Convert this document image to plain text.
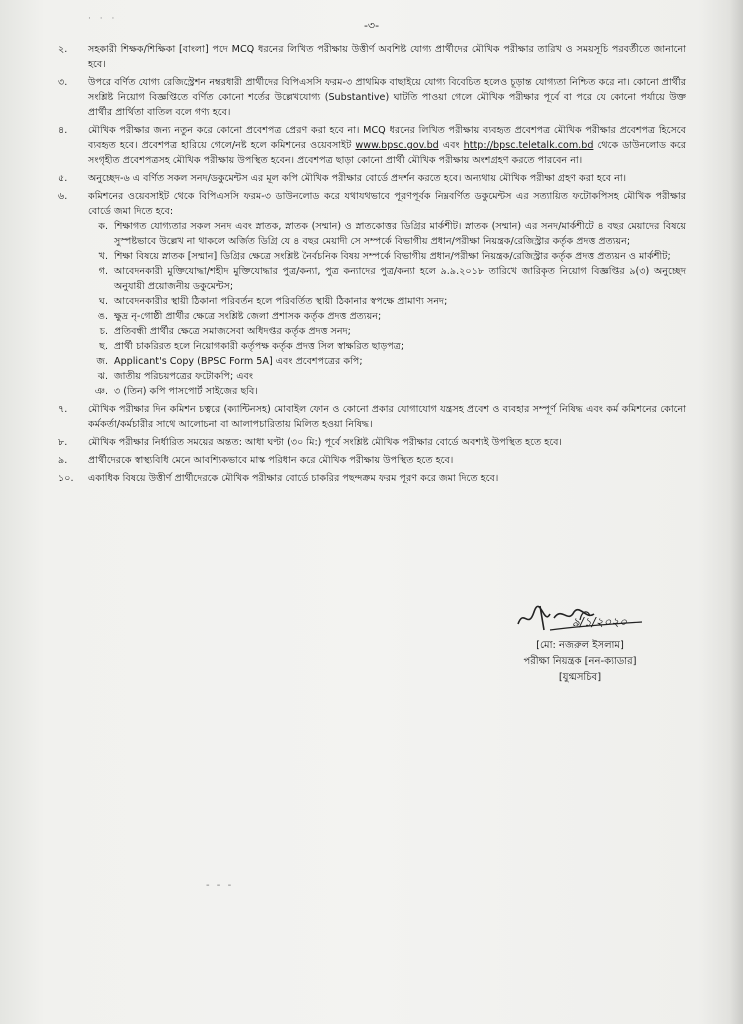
· · ·	-৩-
২.	সহকারী শিক্ষক/শিক্ষিকা [বাংলা] পদে MCQ ধরনের লিখিত পরীক্ষায় উত্তীর্ণ অবশিষ্ট যোগ্য প্রার্থীদের মৌখিক পরীক্ষার তারিখ ও সময়সূচি পরবর্তীতে জানানো হবে।
৩.	উপরে বর্ণিত যোগ্য রেজিস্ট্রেশন নম্বরধারী প্রার্থীদের বিপিএসসি ফরম-৩ প্রাথমিক বাছাইয়ে যোগ্য বিবেচিত হলেও চূড়ান্ত যোগ্যতা নিশ্চিত করে না। কোনো প্রার্থীর সংশ্লিষ্ট নিয়োগ বিজ্ঞপ্তিতে বর্ণিত কোনো শর্তের উল্লেখযোগ্য (Substantive) ঘাটতি পাওয়া গেলে মৌখিক পরীক্ষার পূর্বে বা পরে যে কোনো পর্যায়ে উক্ত প্রার্থীর প্রার্থিতা বাতিল বলে গণ্য হবে।
৪.	মৌখিক পরীক্ষার জন্য নতুন করে কোনো প্রবেশপত্র প্রেরণ করা হবে না। MCQ ধরনের লিখিত পরীক্ষায় ব্যবহৃত প্রবেশপত্র মৌখিক পরীক্ষার প্রবেশপত্র হিসেবে ব্যবহৃত হবে। প্রবেশপত্র হারিয়ে গেলে/নষ্ট হলে কমিশনের ওয়েবসাইট www.bpsc.gov.bd এবং http://bpsc.teletalk.com.bd থেকে ডাউনলোড করে সংগৃহীত প্রবেশপত্রসহ মৌখিক পরীক্ষায় উপস্থিত হবেন। প্রবেশপত্র ছাড়া কোনো প্রার্থী মৌখিক পরীক্ষায় অংশগ্রহণ করতে পারবেন না।
৫.	অনুচ্ছেদ-৬ এ বর্ণিত সকল সনদ/ডকুমেন্টস এর মূল কপি মৌখিক পরীক্ষার বোর্ডে প্রদর্শন করতে হবে। অন্যথায় মৌখিক পরীক্ষা গ্রহণ করা হবে না।
৬.	কমিশনের ওয়েবসাইট থেকে বিপিএসসি ফরম-৩ ডাউনলোড করে যথাযথভাবে পূরণপূর্বক নিম্নবর্ণিত ডকুমেন্টস এর সত্যায়িত ফটোকপিসহ মৌখিক পরীক্ষার বোর্ডে জমা দিতে হবে:
ক. শিক্ষাগত যোগ্যতার সকল সনদ এবং স্নাতক, স্নাতক (সম্মান) ও স্নাতকোত্তর ডিগ্রির মার্কশীট। স্নাতক (সম্মান) এর সনদ/মার্কশীটে ৪ বছর মেয়াদের বিষয়ে সুস্পষ্টভাবে উল্লেখ না থাকলে অর্জিত ডিগ্রি যে ৪ বছর মেয়াদী সে সম্পর্কে বিভাগীয় প্রধান/পরীক্ষা নিয়ন্ত্রক/রেজিস্ট্রার কর্তৃক প্রদত্ত প্রত্যয়ন;
খ. শিক্ষা বিষয়ে স্নাতক [সম্মান] ডিগ্রির ক্ষেত্রে সংশ্লিষ্ট নৈর্বচনিক বিষয় সম্পর্কে বিভাগীয় প্রধান/পরীক্ষা নিয়ন্ত্রক/রেজিস্ট্রার কর্তৃক প্রদত্ত প্রত্যয়ন ও মার্কশীট;
গ. আবেদনকারী মুক্তিযোদ্ধা/শহীদ মুক্তিযোদ্ধার পুত্র/কন্যা, পুত্র কন্যাদের পুত্র/কন্যা হলে ৯.৯.২০১৮ তারিখে জারিকৃত নিয়োগ বিজ্ঞপ্তির ৯(৩) অনুচ্ছেদ অনুযায়ী প্রয়োজনীয় ডকুমেন্টস;
ঘ. আবেদনকারীর স্থায়ী ঠিকানা পরিবর্তন হলে পরিবর্তিত স্থায়ী ঠিকানার স্বপক্ষে প্রামাণ্য সনদ;
ঙ. ক্ষুদ্র নৃ-গোষ্ঠী প্রার্থীর ক্ষেত্রে সংশ্লিষ্ট জেলা প্রশাসক কর্তৃক প্রদত্ত প্রত্যয়ন;
চ. প্রতিবন্ধী প্রার্থীর ক্ষেত্রে সমাজসেবা অধিদপ্তর কর্তৃক প্রদত্ত সনদ;
ছ. প্রার্থী চাকরিরত হলে নিয়োগকারী কর্তৃপক্ষ কর্তৃক প্রদত্ত সিল স্বাক্ষরিত ছাড়পত্র;
জ. Applicant's Copy (BPSC Form 5A] এবং প্রবেশপত্রের কপি;
ঝ. জাতীয় পরিচয়পত্রের ফটোকপি; এবং
ঞ. ৩ (তিন) কপি পাসপোর্ট সাইজের ছবি।
৭.	মৌখিক পরীক্ষার দিন কমিশন চত্বরে (ক্যান্টিনসহ) মোবাইল ফোন ও কোনো প্রকার যোগাযোগ যন্ত্রসহ প্রবেশ ও ব্যবহার সম্পূর্ণ নিষিদ্ধ এবং কর্ম কমিশনের কোনো কর্মকর্তা/কর্মচারীর সাথে আলোচনা বা আলাপচারিতায় মিলিত হওয়া নিষিদ্ধ।
৮.	মৌখিক পরীক্ষার নির্ধারিত সময়ের অন্তত: আধা ঘণ্টা (৩০ মি:) পূর্বে সংশ্লিষ্ট মৌখিক পরীক্ষার বোর্ডে অবশ্যই উপস্থিত হতে হবে।
৯.	প্রার্থীদেরকে স্বাস্থ্যবিধি মেনে আবশ্যিকভাবে মাস্ক পরিধান করে মৌখিক পরীক্ষায় উপস্থিত হতে হবে।
১০.	একাধিক বিষয়ে উত্তীর্ণ প্রার্থীদেরকে মৌখিক পরীক্ষার বোর্ডে চাকরির পছন্দক্রম ফরম পূরণ করে জমা দিতে হবে।
৯/১/২০২০
[মো: নজরুল ইসলাম]
পরীক্ষা নিয়ন্ত্রক [নন-ক্যাডার]
[যুগ্মসচিব]
- - -
